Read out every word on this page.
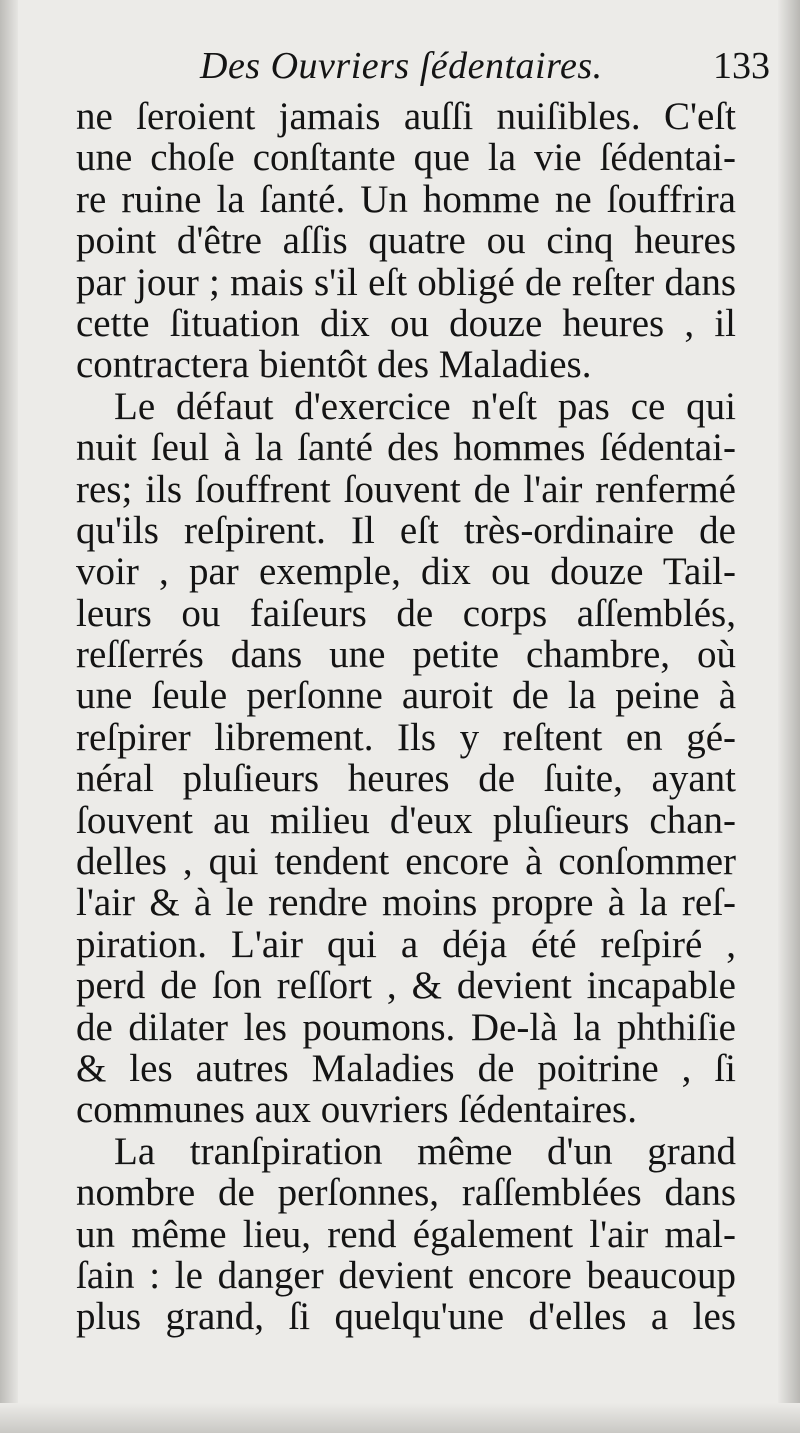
Des Ouvriers ſédentaires.	133
ne ſeroient jamais auſſi nuiſibles. C'eſt
une choſe conſtante que la vie ſédentai-
re ruine la ſanté. Un homme ne ſouffrira
point d'être aſſis quatre ou cinq heures
par jour ; mais s'il eſt obligé de reſter dans
cette ſituation dix ou douze heures , il
contractera bientôt des Maladies.
Le défaut d'exercice n'eſt pas ce qui
nuit ſeul à la ſanté des hommes ſédentai-
res; ils ſouffrent ſouvent de l'air renfermé
qu'ils reſpirent. Il eſt très-ordinaire de
voir , par exemple, dix ou douze Tail-
leurs ou faiſeurs de corps aſſemblés,
reſſerrés dans une petite chambre, où
une ſeule perſonne auroit de la peine à
reſpirer librement. Ils y reſtent en gé-
néral pluſieurs heures de ſuite, ayant
ſouvent au milieu d'eux pluſieurs chan-
delles , qui tendent encore à conſommer
l'air & à le rendre moins propre à la reſ-
piration. L'air qui a déja été reſpiré ,
perd de ſon reſſort , & devient incapable
de dilater les poumons. De-là la phthiſie
& les autres Maladies de poitrine , ſi
communes aux ouvriers ſédentaires.
La tranſpiration même d'un grand
nombre de perſonnes, raſſemblées dans
un même lieu, rend également l'air mal-
ſain : le danger devient encore beaucoup
plus grand, ſi quelqu'une d'elles a les
